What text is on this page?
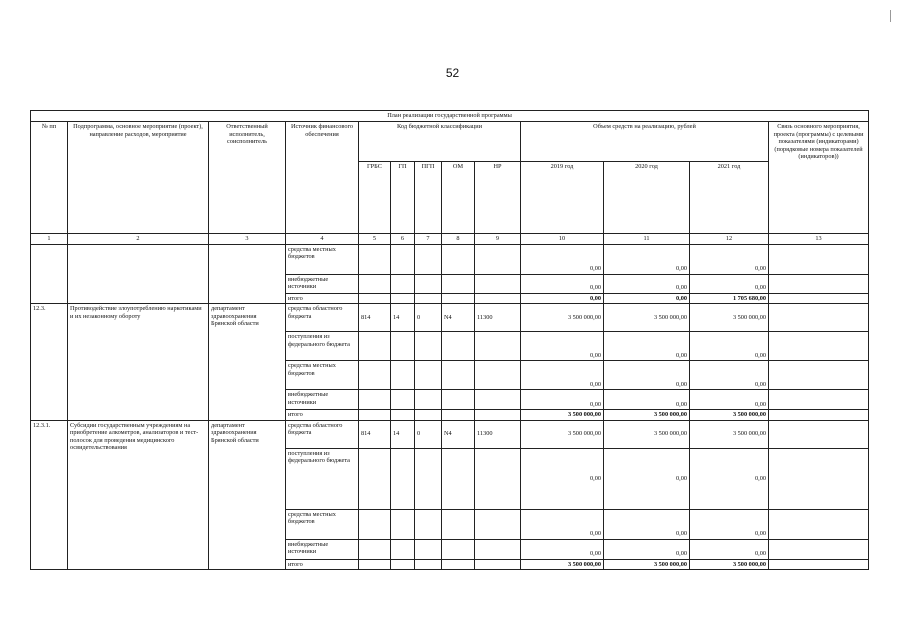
52
План реализации государственной программы												
№ пп	Подпрограмма, основное мероприятие (проект), направление расходов, мероприятие	Ответственный исполнитель, соисполнитель	Источник финансового обеспечения	Код бюджетной классификации					Объем средств на реализацию, рублей			Связь основного мероприятия, проекта (программы) с целевыми показателями (индикаторами) (порядковые номера показателей (индикаторов))
				ГРБС	ГП	ПГП	ОМ	НР	2019 год	2020 год	2021 год	
1	2	3	4	5	6	7	8	9	10	11	12	13
			средства местных бюджетов						0,00	0,00	0,00	
			внебюджетные источники						0,00	0,00	0,00	
			итого						0,00	0,00	1 705 680,00	
12.3.	Противодействие злоупотреблению наркотиками и их незаконному обороту	департамент здравоохранения Брянской области	средства областного бюджета	814	14	0	N4	11300	3 500 000,00	3 500 000,00	3 500 000,00	
			поступления из федерального бюджета						0,00	0,00	0,00	
			средства местных бюджетов						0,00	0,00	0,00	
			внебюджетные источники						0,00	0,00	0,00	
			итого						3 500 000,00	3 500 000,00	3 500 000,00	
12.3.1.	Субсидии государственным учреждениям на приобретение алкометров, анализаторов и тест-полосок для проведения медицинского освидетельствования	департамент здравоохранения Брянской области	средства областного бюджета	814	14	0	N4	11300	3 500 000,00	3 500 000,00	3 500 000,00	
			поступления из федерального бюджета						0,00	0,00	0,00	
			средства местных бюджетов						0,00	0,00	0,00	
			внебюджетные источники						0,00	0,00	0,00	
			итого						3 500 000,00	3 500 000,00	3 500 000,00	
